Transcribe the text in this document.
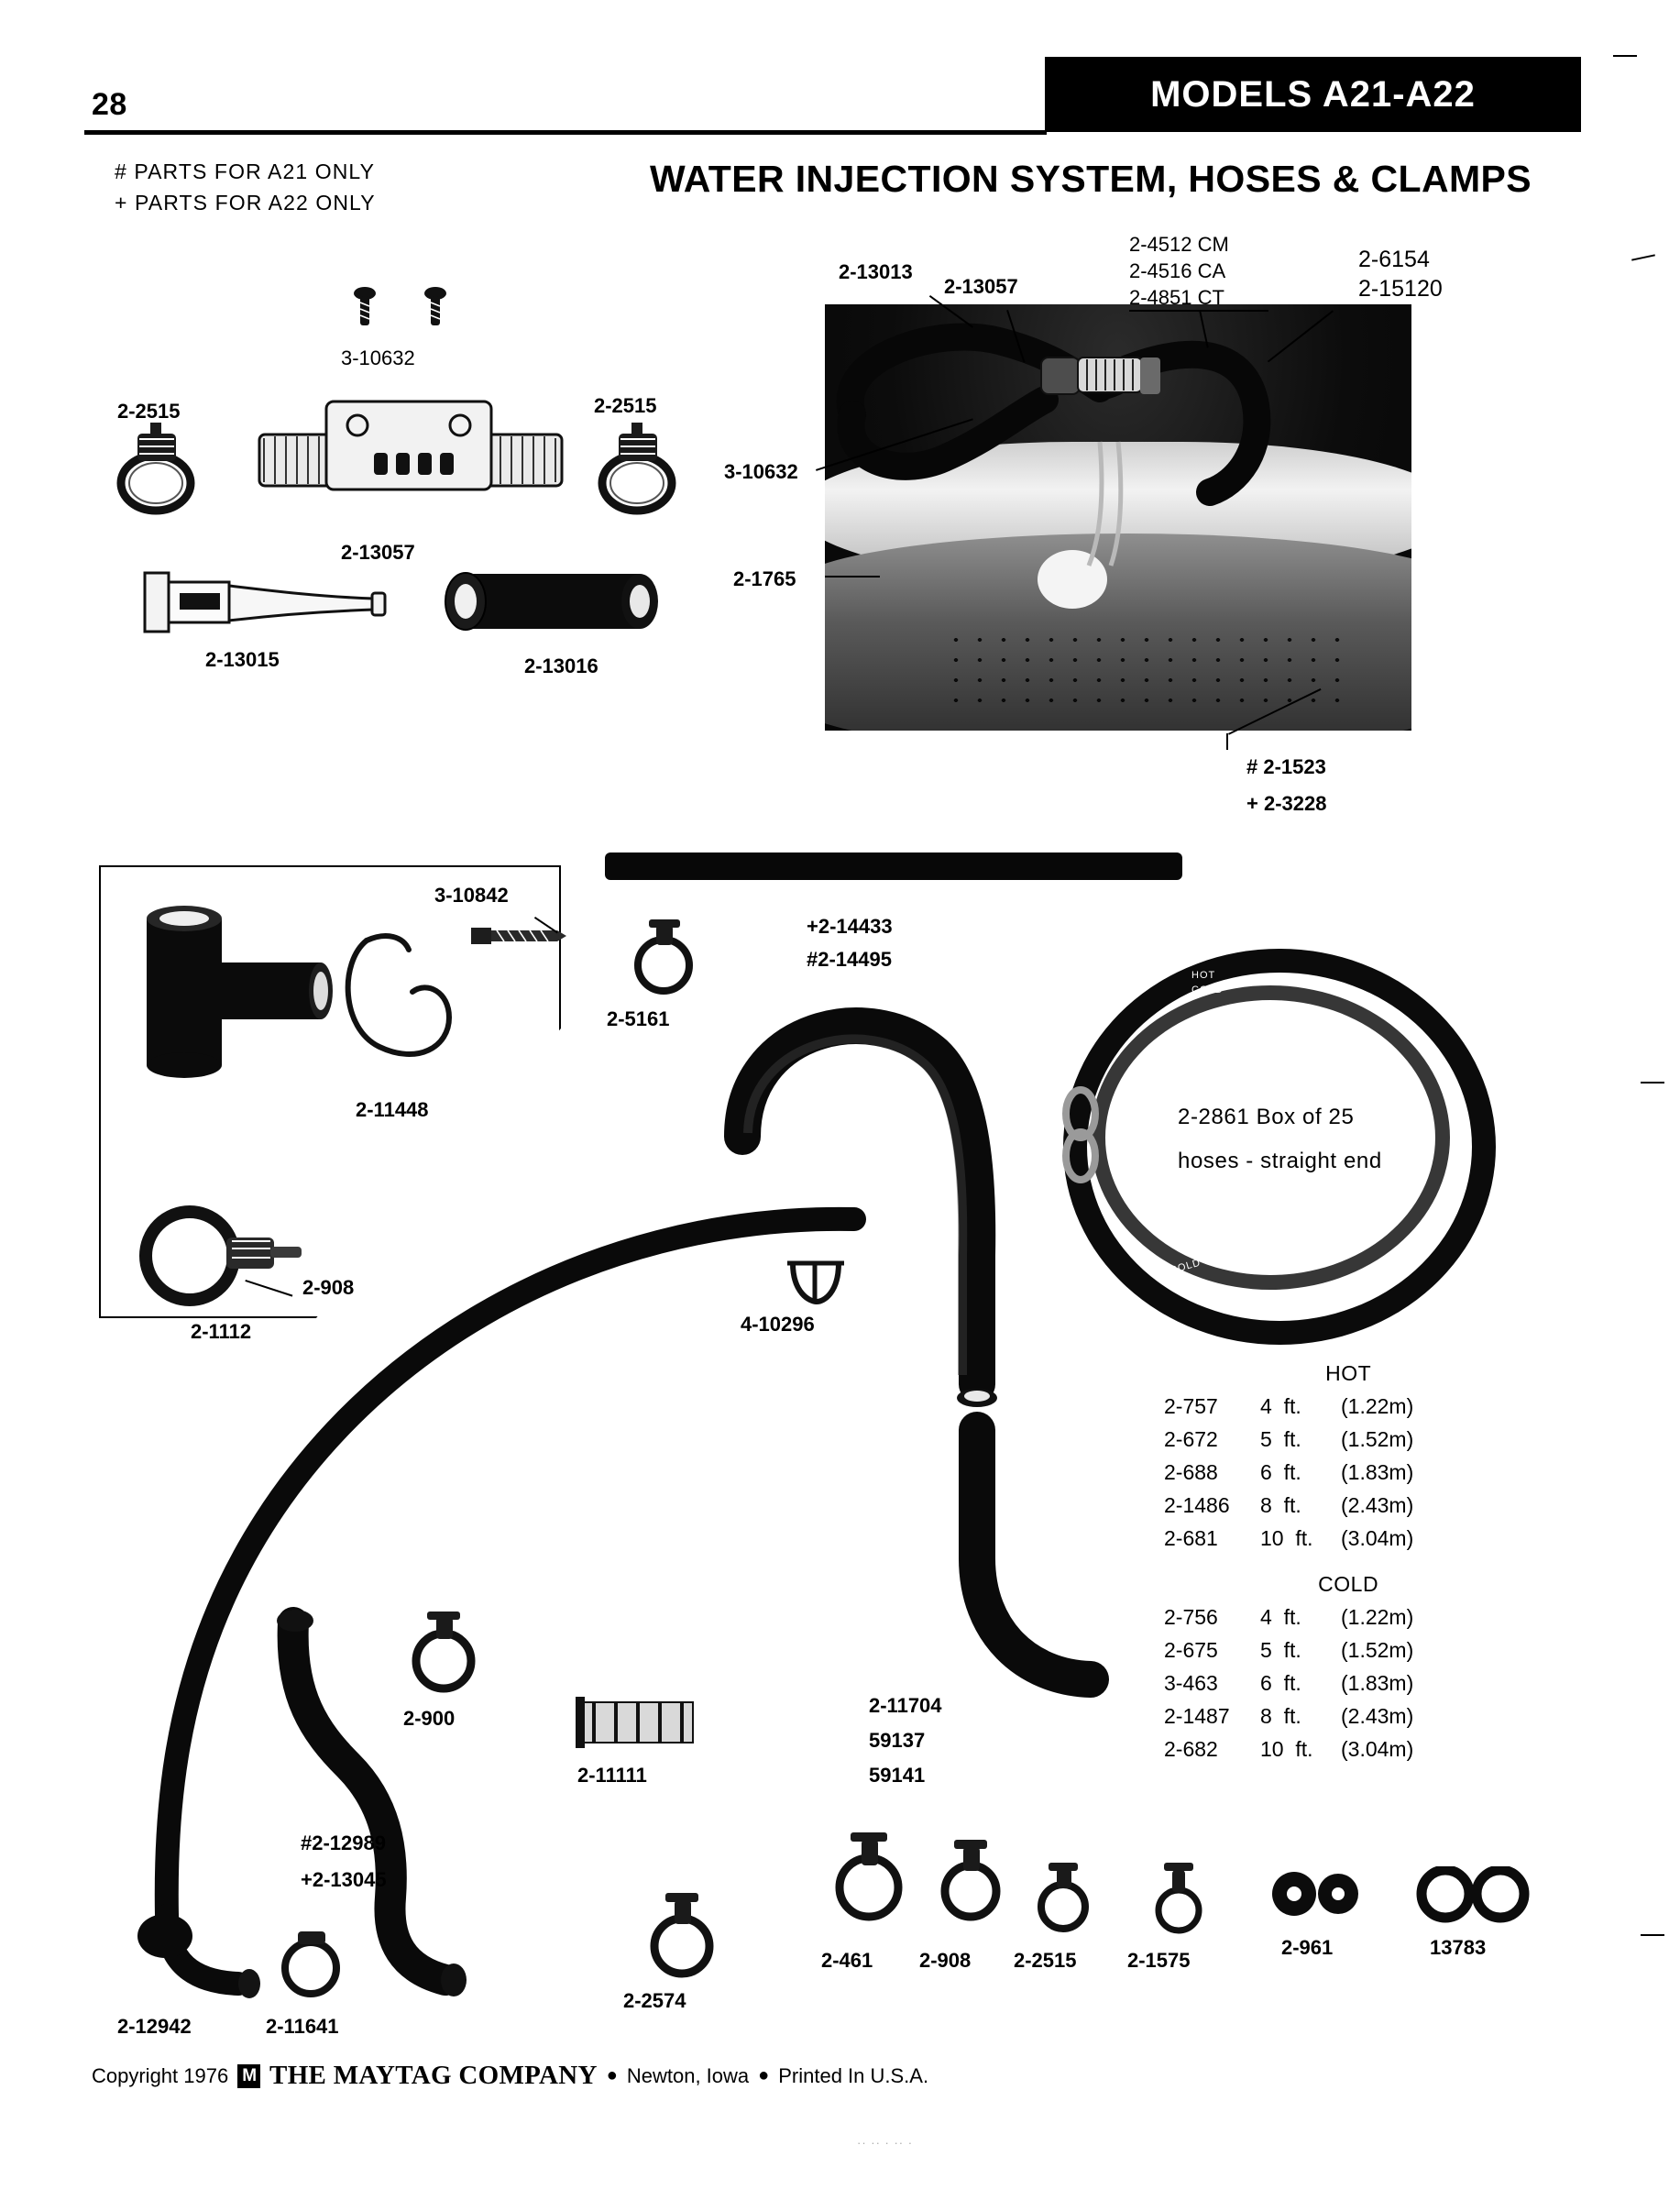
28	MODELS A21-A22
WATER INJECTION SYSTEM, HOSES & CLAMPS
# PARTS FOR A21 ONLY
+ PARTS FOR A22 ONLY
3-10632
2-2515	2-2515
2-13057
2-13015	2-13016
2-13013
2-13057
2-4512 CM
2-4516 CA
2-4851 CT
2-6154
2-15120
3-10632
2-1765
# 2-1523
+ 2-3228
2-11448
3-10842
2-908
2-1112
+2-14433
#2-14495
2-5161
2-11704
59137
59141
4-10296
2-12942
2-900
#2-12989
+2-13045
2-11641
2-11111
2-2574
HOT
COLD
COLD
MAYTAG
2-2861 Box of 25
hoses - straight end
HOT
2-757 4  ft. (1.22m)
2-672 5  ft. (1.52m)
2-688 6  ft. (1.83m)
2-1486 8  ft. (2.43m)
2-681 10  ft. (3.04m)
COLD
2-756 4  ft. (1.22m)
2-675 5  ft. (1.52m)
3-463 6  ft. (1.83m)
2-1487 8  ft. (2.43m)
2-682 10  ft. (3.04m)
2-461 2-908 2-2515	2-1575
2-961	13783
Copyright 1976 M THE MAYTAG COMPANY ● Newton, Iowa ● Printed In U.S.A.
·· ·· · ·· ·
